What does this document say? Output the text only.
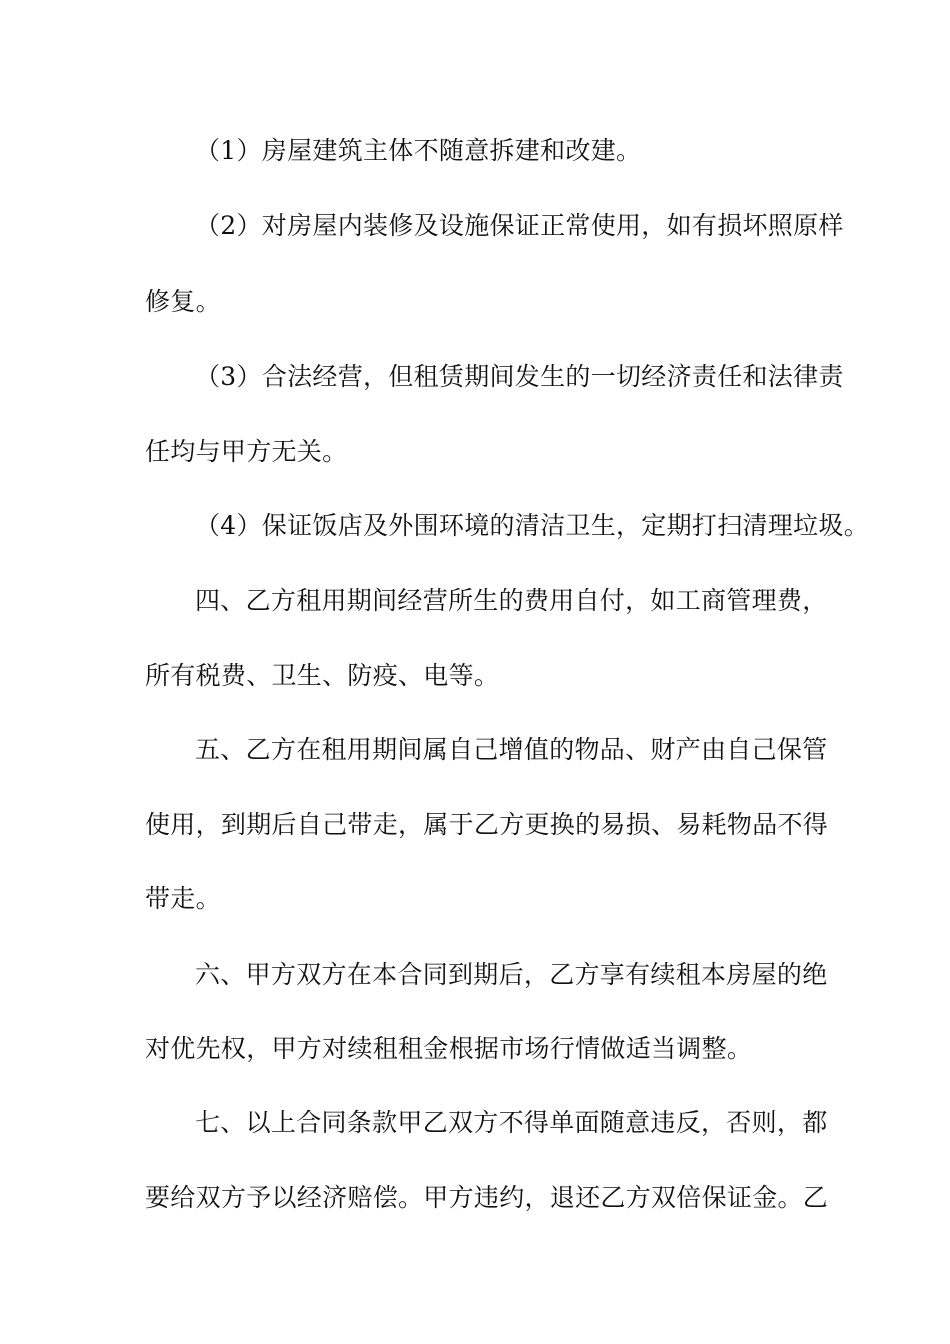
（1）房屋建筑主体不随意拆建和改建。
（2）对房屋内装修及设施保证正常使用，如有损坏照原样
修复。
（3）合法经营，但租赁期间发生的一切经济责任和法律责
任均与甲方无关。
（4）保证饭店及外围环境的清洁卫生，定期打扫清理垃圾。
四、乙方租用期间经营所生的费用自付，如工商管理费，
所有税费、卫生、防疫、电等。
五、乙方在租用期间属自己增值的物品、财产由自己保管
使用，到期后自己带走，属于乙方更换的易损、易耗物品不得
带走。
六、甲方双方在本合同到期后，乙方享有续租本房屋的绝
对优先权，甲方对续租租金根据市场行情做适当调整。
七、以上合同条款甲乙双方不得单面随意违反，否则，都
要给双方予以经济赔偿。甲方违约，退还乙方双倍保证金。乙
